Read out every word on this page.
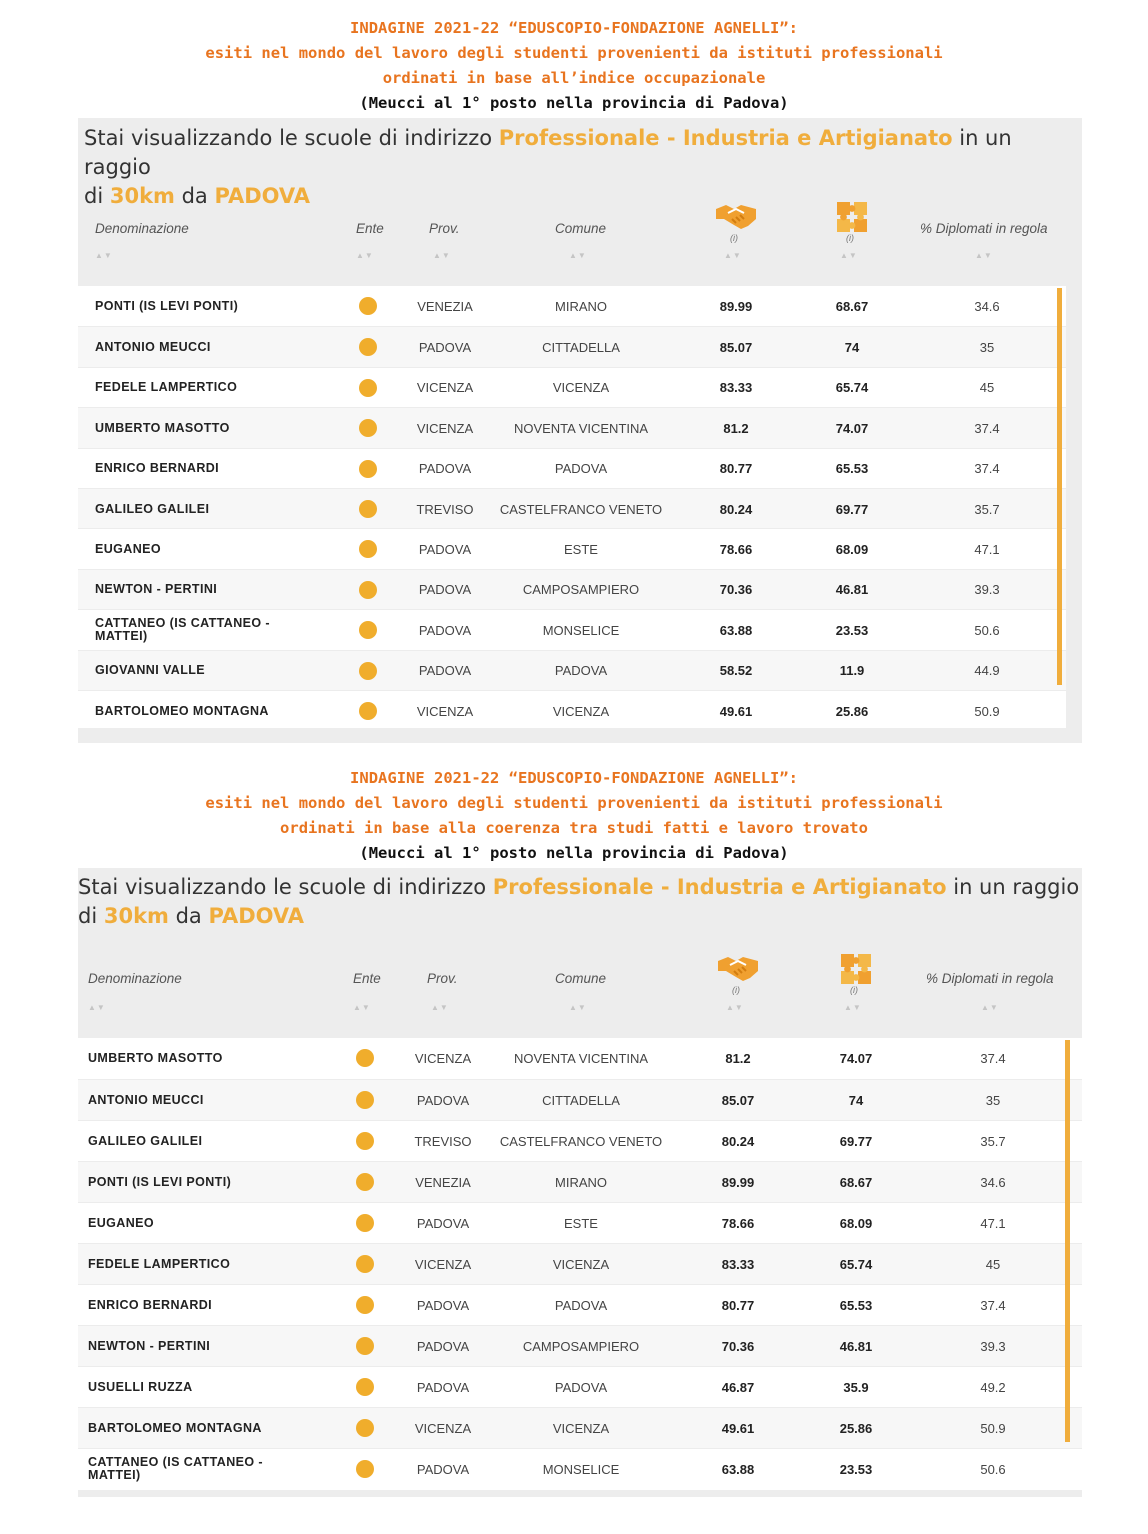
INDAGINE 2021-22 “EDUSCOPIO-FONDAZIONE AGNELLI”:
esiti nel mondo del lavoro degli studenti provenienti da istituti professionali
ordinati in base all’indice occupazionale
(Meucci al 1° posto nella provincia di Padova)
Stai visualizzando le scuole di indirizzo Professionale - Industria e Artigianato in un raggio
di 30km da PADOVA
Denominazione
▲▼
Ente
▲▼
Prov.
▲▼
Comune
▲▼
% Diplomati in regola
▲▼
(i)
▲▼
(i)
▲▼
PONTI (IS LEVI PONTI)	VENEZIA	MIRANO	89.99	68.67	34.6
ANTONIO MEUCCI	PADOVA	CITTADELLA	85.07	74	35
FEDELE LAMPERTICO	VICENZA	VICENZA	83.33	65.74	45
UMBERTO MASOTTO	VICENZA	NOVENTA VICENTINA	81.2	74.07	37.4
ENRICO BERNARDI	PADOVA	PADOVA	80.77	65.53	37.4
GALILEO GALILEI	TREVISO	CASTELFRANCO VENETO	80.24	69.77	35.7
EUGANEO	PADOVA	ESTE	78.66	68.09	47.1
NEWTON - PERTINI	PADOVA	CAMPOSAMPIERO	70.36	46.81	39.3
CATTANEO (IS CATTANEO - MATTEI)	PADOVA	MONSELICE	63.88	23.53	50.6
GIOVANNI VALLE	PADOVA	PADOVA	58.52	11.9	44.9
BARTOLOMEO MONTAGNA	VICENZA	VICENZA	49.61	25.86	50.9
INDAGINE 2021-22 “EDUSCOPIO-FONDAZIONE AGNELLI”:
esiti nel mondo del lavoro degli studenti provenienti da istituti professionali
ordinati in base alla coerenza tra studi fatti e lavoro trovato
(Meucci al 1° posto nella provincia di Padova)
Stai visualizzando le scuole di indirizzo Professionale - Industria e Artigianato in un raggio
di 30km da PADOVA
Denominazione
▲▼
Ente
▲▼
Prov.
▲▼
Comune
▲▼
% Diplomati in regola
▲▼
(i)
▲▼
(i)
▲▼
UMBERTO MASOTTO	VICENZA	NOVENTA VICENTINA	81.2	74.07	37.4
ANTONIO MEUCCI	PADOVA	CITTADELLA	85.07	74	35
GALILEO GALILEI	TREVISO	CASTELFRANCO VENETO	80.24	69.77	35.7
PONTI (IS LEVI PONTI)	VENEZIA	MIRANO	89.99	68.67	34.6
EUGANEO	PADOVA	ESTE	78.66	68.09	47.1
FEDELE LAMPERTICO	VICENZA	VICENZA	83.33	65.74	45
ENRICO BERNARDI	PADOVA	PADOVA	80.77	65.53	37.4
NEWTON - PERTINI	PADOVA	CAMPOSAMPIERO	70.36	46.81	39.3
USUELLI RUZZA	PADOVA	PADOVA	46.87	35.9	49.2
BARTOLOMEO MONTAGNA	VICENZA	VICENZA	49.61	25.86	50.9
CATTANEO (IS CATTANEO - MATTEI)	PADOVA	MONSELICE	63.88	23.53	50.6
